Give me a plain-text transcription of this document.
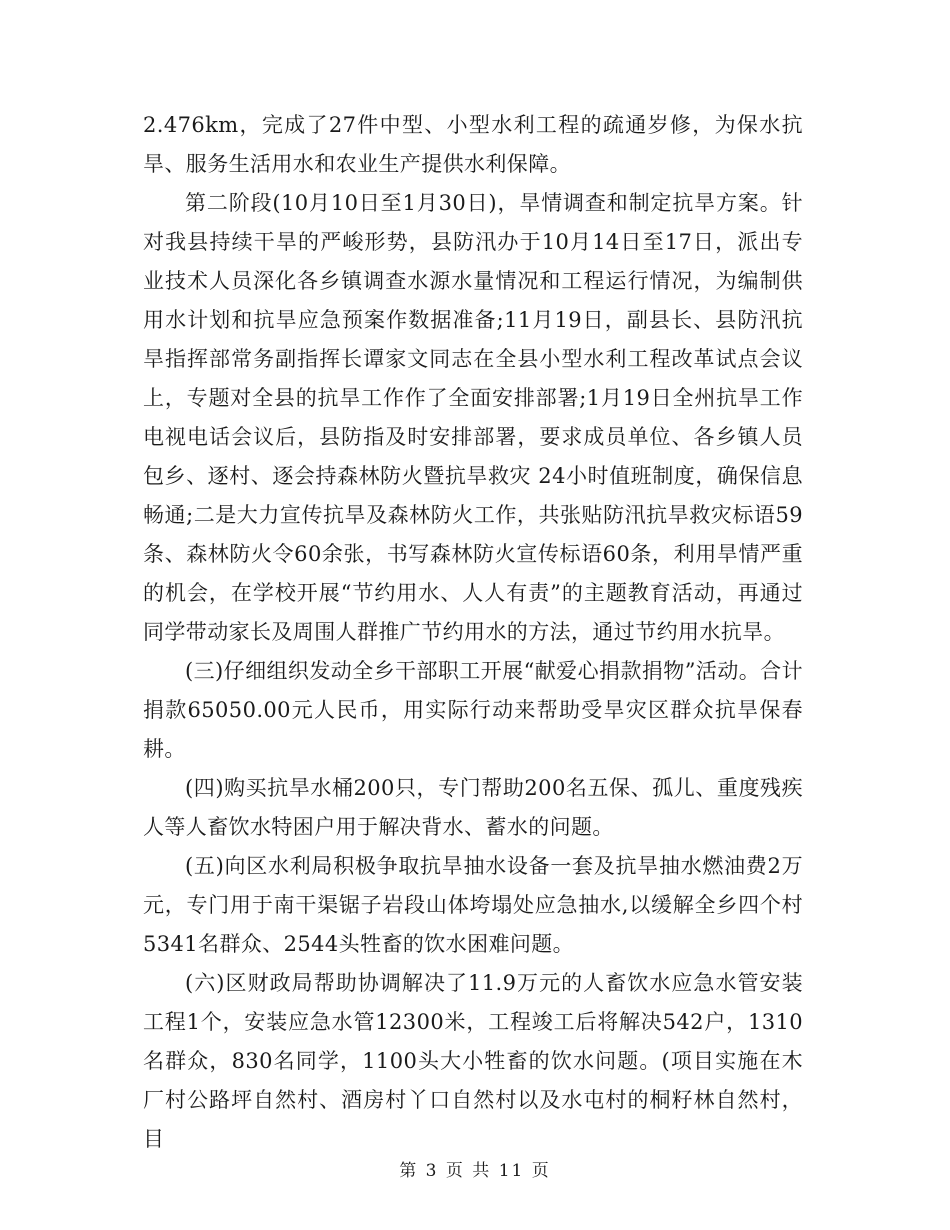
2.476km，完成了27件中型、小型水利工程的疏通岁修，为保水抗旱、服务生活用水和农业生产提供水利保障。

第二阶段(10月10日至1月30日)，旱情调查和制定抗旱方案。针对我县持续干旱的严峻形势，县防汛办于10月14日至17日，派出专业技术人员深化各乡镇调查水源水量情况和工程运行情况，为编制供用水计划和抗旱应急预案作数据准备;11月19日，副县长、县防汛抗旱指挥部常务副指挥长谭家文同志在全县小型水利工程改革试点会议上，专题对全县的抗旱工作作了全面安排部署;1月19日全州抗旱工作电视电话会议后，县防指及时安排部署，要求成员单位、各乡镇人员包乡、逐村、逐会持森林防火暨抗旱救灾 24小时值班制度，确保信息畅通;二是大力宣传抗旱及森林防火工作，共张贴防汛抗旱救灾标语59条、森林防火令60余张，书写森林防火宣传标语60条，利用旱情严重的机会，在学校开展“节约用水、人人有责”的主题教育活动，再通过同学带动家长及周围人群推广节约用水的方法，通过节约用水抗旱。

(三)仔细组织发动全乡干部职工开展“献爱心捐款捐物”活动。合计捐款65050.00元人民币，用实际行动来帮助受旱灾区群众抗旱保春耕。

(四)购买抗旱水桶200只，专门帮助200名五保、孤儿、重度残疾人等人畜饮水特困户用于解决背水、蓄水的问题。

(五)向区水利局积极争取抗旱抽水设备一套及抗旱抽水燃油费2万元，专门用于南干渠锯子岩段山体垮塌处应急抽水,以缓解全乡四个村5341名群众、2544头牲畜的饮水困难问题。

(六)区财政局帮助协调解决了11.9万元的人畜饮水应急水管安装工程1个，安装应急水管12300米，工程竣工后将解决542户，1310名群众，830名同学，1100头大小牲畜的饮水问题。(项目实施在木厂村公路坪自然村、酒房村丫口自然村以及水屯村的桐籽林自然村，目

第 3 页 共 11 页
